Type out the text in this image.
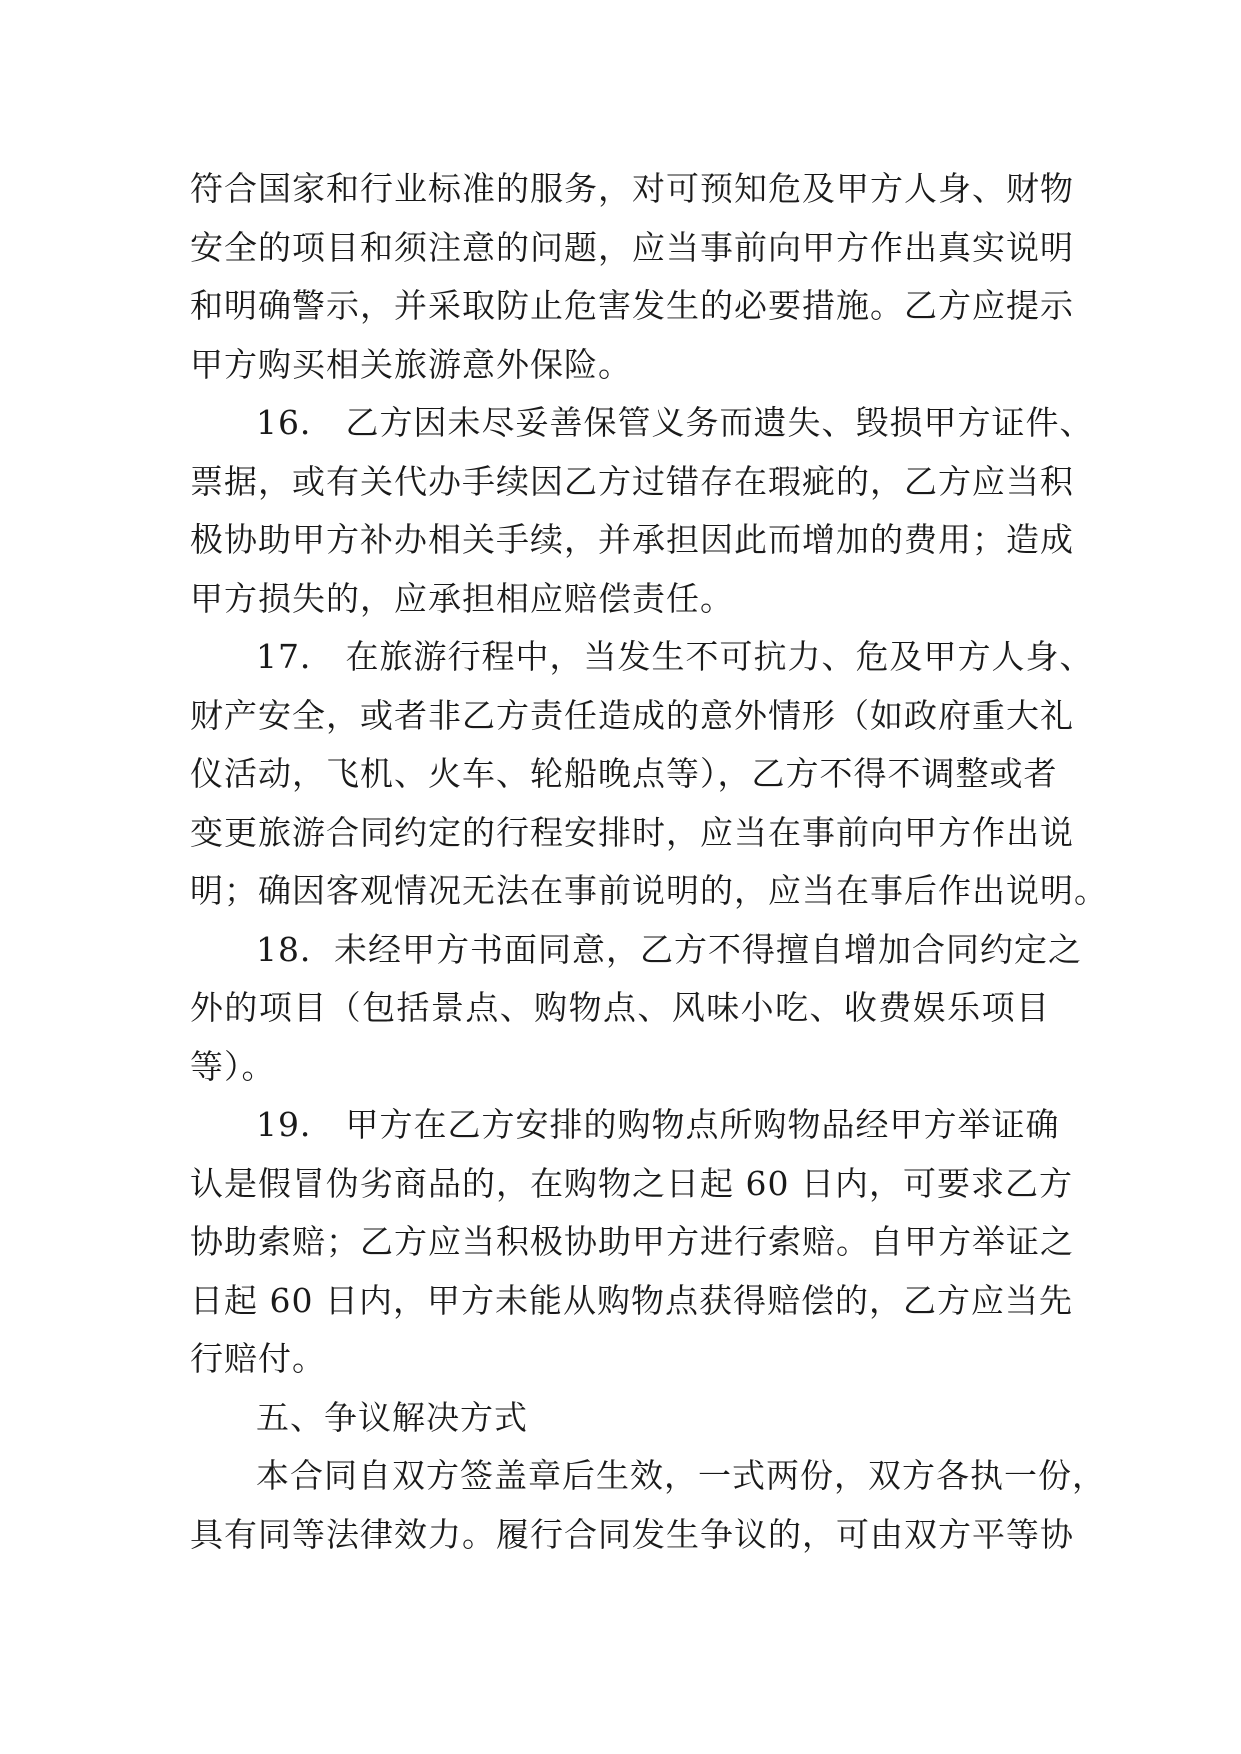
符合国家和行业标准的服务，对可预知危及甲方人身、财物
安全的项目和须注意的问题，应当事前向甲方作出真实说明
和明确警示，并采取防止危害发生的必要措施。乙方应提示
甲方购买相关旅游意外保险。
16． 乙方因未尽妥善保管义务而遗失、毁损甲方证件、
票据，或有关代办手续因乙方过错存在瑕疵的，乙方应当积
极协助甲方补办相关手续，并承担因此而增加的费用；造成
甲方损失的，应承担相应赔偿责任。
17． 在旅游行程中，当发生不可抗力、危及甲方人身、
财产安全，或者非乙方责任造成的意外情形（如政府重大礼
仪活动，飞机、火车、轮船晚点等），乙方不得不调整或者
变更旅游合同约定的行程安排时，应当在事前向甲方作出说
明；确因客观情况无法在事前说明的，应当在事后作出说明。
18．未经甲方书面同意，乙方不得擅自增加合同约定之
外的项目（包括景点、购物点、风味小吃、收费娱乐项目
等）。
19． 甲方在乙方安排的购物点所购物品经甲方举证确
认是假冒伪劣商品的，在购物之日起 60 日内，可要求乙方
协助索赔；乙方应当积极协助甲方进行索赔。自甲方举证之
日起 60 日内，甲方未能从购物点获得赔偿的，乙方应当先
行赔付。
五、争议解决方式
本合同自双方签盖章后生效，一式两份，双方各执一份，
具有同等法律效力。履行合同发生争议的，可由双方平等协
